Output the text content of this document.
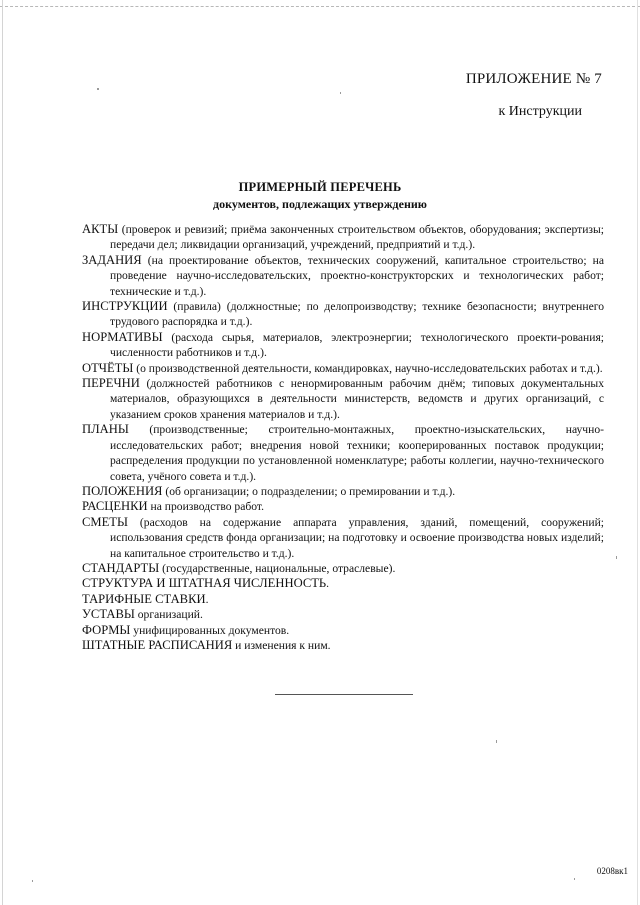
ПРИЛОЖЕНИЕ № 7
к Инструкции
ПРИМЕРНЫЙ ПЕРЕЧЕНЬ
документов, подлежащих утверждению

АКТЫ (проверок и ревизий; приёма законченных строительством объектов, оборудования; экспертизы; передачи дел; ликвидации организаций, учреждений, предприятий и т.д.).

ЗАДАНИЯ (на проектирование объектов, технических сооружений, капитальное строительство; на проведение научно-исследовательских, проектно-конструкторских и технологических работ; технические и т.д.).

ИНСТРУКЦИИ (правила) (должностные; по делопроизводству; технике безопасности; внутреннего трудового распорядка и т.д.).

НОРМАТИВЫ (расхода сырья, материалов, электроэнергии; технологического проекти-рования; численности работников и т.д.).

ОТЧЁТЫ (о производственной деятельности, командировках, научно-исследовательских работах и т.д.).

ПЕРЕЧНИ (должностей работников с ненормированным рабочим днём; типовых документальных материалов, образующихся в деятельности министерств, ведомств и других организаций, с указанием сроков хранения материалов и т.д.).

ПЛАНЫ (производственные; строительно-монтажных, проектно-изыскательских, научно-исследовательских работ; внедрения новой техники; кооперированных поставок продукции; распределения продукции по установленной номенклатуре; работы коллегии, научно-технического совета, учёного совета и т.д.).

ПОЛОЖЕНИЯ (об организации; о подразделении; о премировании и т.д.).

РАСЦЕНКИ на производство работ.

СМЕТЫ (расходов на содержание аппарата управления, зданий, помещений, сооружений; использования средств фонда организации; на подготовку и освоение производства новых изделий; на капитальное строительство и т.д.).

СТАНДАРТЫ (государственные, национальные, отраслевые).

СТРУКТУРА И ШТАТНАЯ ЧИСЛЕННОСТЬ.

ТАРИФНЫЕ СТАВКИ.

УСТАВЫ организаций.

ФОРМЫ унифицированных документов.

ШТАТНЫЕ РАСПИСАНИЯ и изменения к ним.

0208вк1
